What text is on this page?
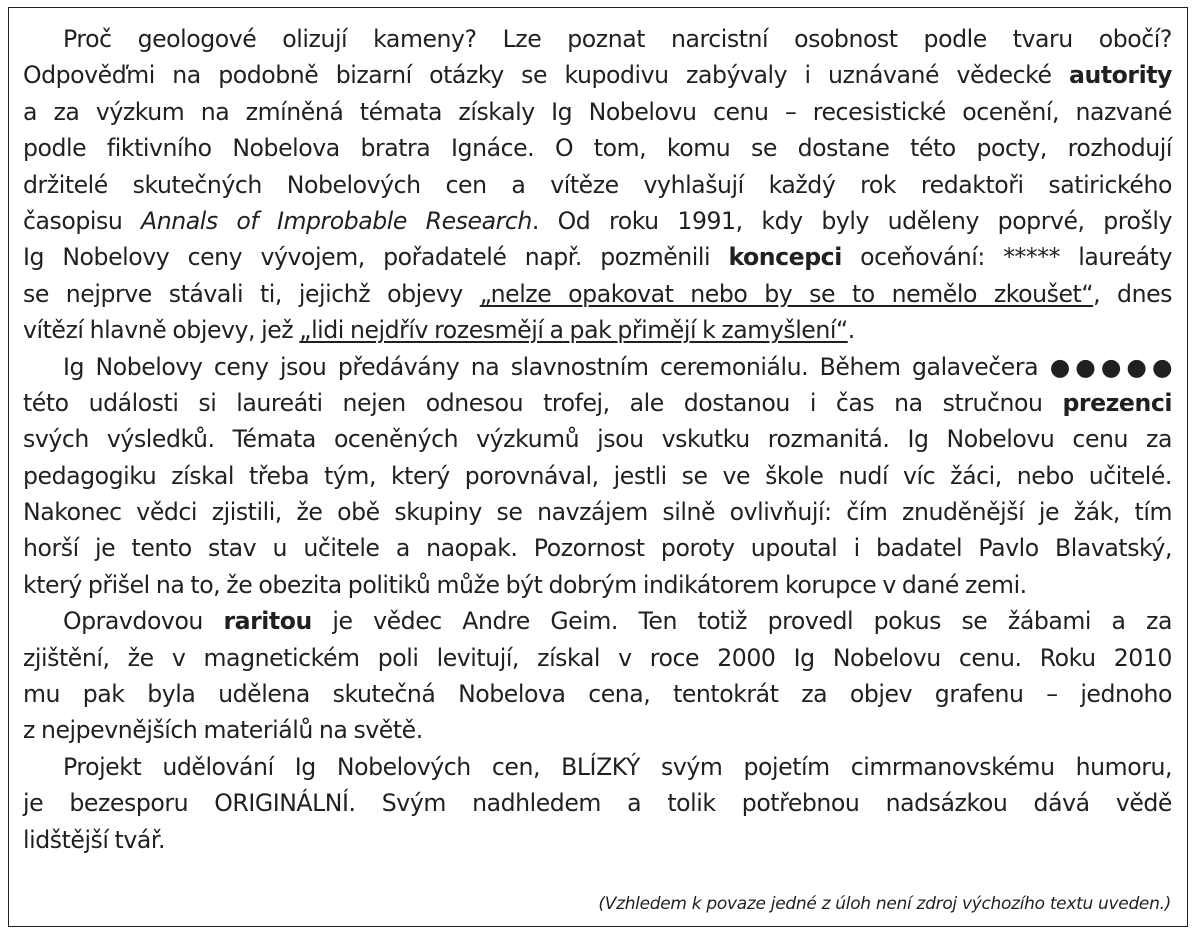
Proč geologové olizují kameny? Lze poznat narcistní osobnost podle tvaru obočí?
Odpověďmi na podobně bizarní otázky se kupodivu zabývaly i uznávané vědecké autority
a za výzkum na zmíněná témata získaly Ig Nobelovu cenu – recesistické ocenění, nazvané
podle fiktivního Nobelova bratra Ignáce. O tom, komu se dostane této pocty, rozhodují
držitelé skutečných Nobelových cen a vítěze vyhlašují každý rok redaktoři satirického
časopisu Annals of Improbable Research. Od roku 1991, kdy byly uděleny poprvé, prošly
Ig Nobelovy ceny vývojem, pořadatelé např. pozměnili koncepci oceňování: ***** laureáty
se nejprve stávali ti, jejichž objevy „nelze opakovat nebo by se to nemělo zkoušet“, dnes
vítězí hlavně objevy, jež „lidi nejdřív rozesmějí a pak přimějí k zamyšlení“.
Ig Nobelovy ceny jsou předávány na slavnostním ceremoniálu. Během galavečera ●●●●●
této události si laureáti nejen odnesou trofej, ale dostanou i čas na stručnou prezenci
svých výsledků. Témata oceněných výzkumů jsou vskutku rozmanitá. Ig Nobelovu cenu za
pedagogiku získal třeba tým, který porovnával, jestli se ve škole nudí víc žáci, nebo učitelé.
Nakonec vědci zjistili, že obě skupiny se navzájem silně ovlivňují: čím znuděnější je žák, tím
horší je tento stav u učitele a naopak. Pozornost poroty upoutal i badatel Pavlo Blavatský,
který přišel na to, že obezita politiků může být dobrým indikátorem korupce v dané zemi.
Opravdovou raritou je vědec Andre Geim. Ten totiž provedl pokus se žábami a za
zjištění, že v magnetickém poli levitují, získal v roce 2000 Ig Nobelovu cenu. Roku 2010
mu pak byla udělena skutečná Nobelova cena, tentokrát za objev grafenu – jednoho
z nejpevnějších materiálů na světě.
Projekt udělování Ig Nobelových cen, BLÍZKÝ svým pojetím cimrmanovskému humoru,
je bezesporu ORIGINÁLNÍ. Svým nadhledem a tolik potřebnou nadsázkou dává vědě
lidštější tvář.
(Vzhledem k povaze jedné z úloh není zdroj výchozího textu uveden.)
